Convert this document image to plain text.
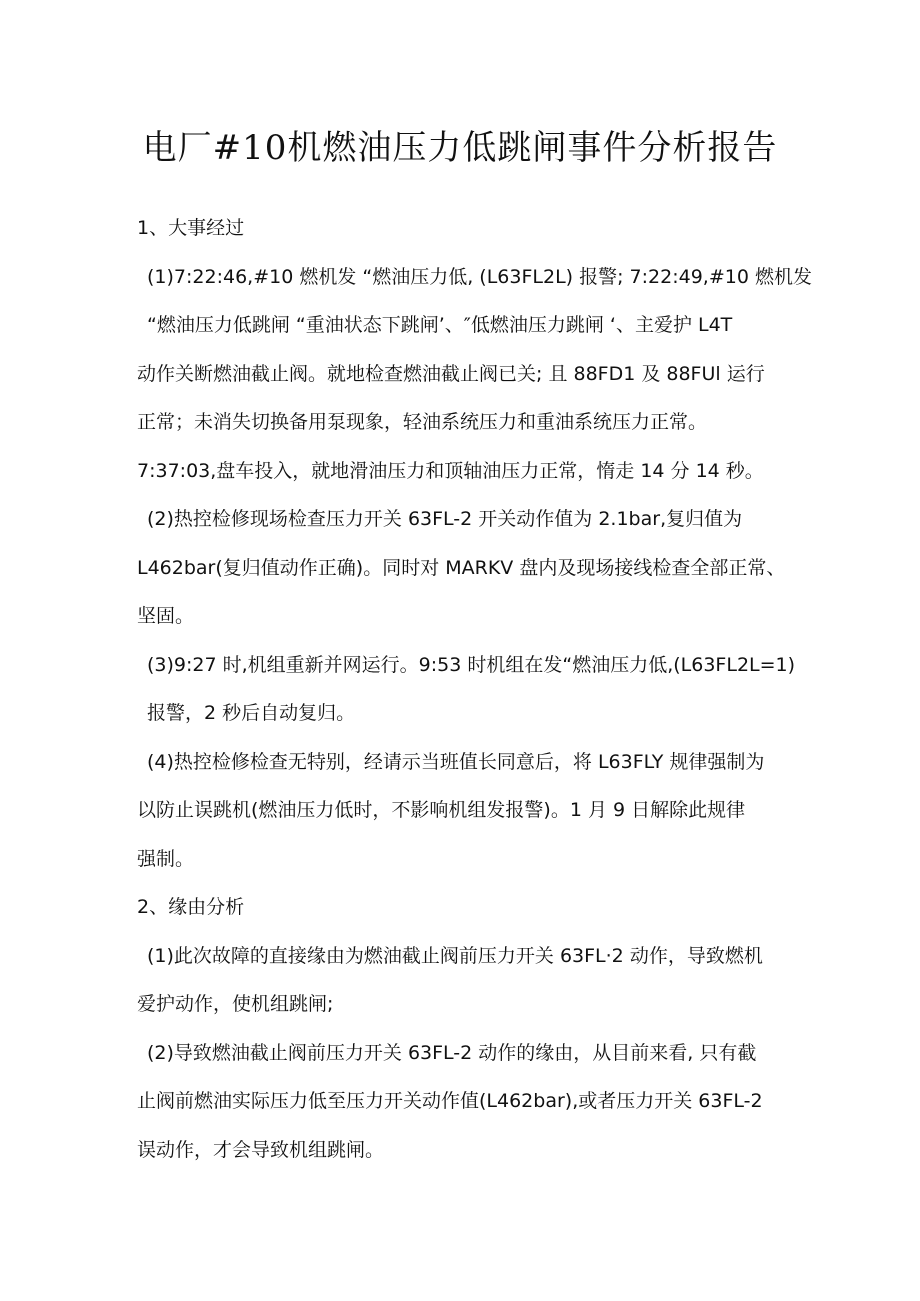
电厂#10机燃油压力低跳闸事件分析报告
1、大事经过
(1)7:22:46,#10 燃机发 “燃油压力低, (L63FL2L) 报警; 7:22:49,#10 燃机发
“燃油压力低跳闸 “重油状态下跳闸’、″低燃油压力跳闸 ‘、主爱护 L4T
动作关断燃油截止阀。就地检查燃油截止阀已关; 且 88FD1 及 88FUl 运行
正常；未消失切换备用泵现象，轻油系统压力和重油系统压力正常。
7:37:03,盘车投入，就地滑油压力和顶轴油压力正常，惰走 14 分 14 秒。
(2)热控检修现场检查压力开关 63FL-2 开关动作值为 2.1bar,复归值为
L462bar(复归值动作正确)。同时对 MARKV 盘内及现场接线检查全部正常、
坚固。
(3)9:27 时,机组重新并网运行。9:53 时机组在发“燃油压力低,(L63FL2L=1)
报警，2 秒后自动复归。
(4)热控检修检查无特别，经请示当班值长同意后，将 L63FLY 规律强制为
以防止误跳机(燃油压力低时，不影响机组发报警)。1 月 9 日解除此规律
强制。
2、缘由分析
(1)此次故障的直接缘由为燃油截止阀前压力开关 63FL·2 动作，导致燃机
爱护动作，使机组跳闸;
(2)导致燃油截止阀前压力开关 63FL-2 动作的缘由，从目前来看, 只有截
止阀前燃油实际压力低至压力开关动作值(L462bar),或者压力开关 63FL-2
误动作，才会导致机组跳闸。
